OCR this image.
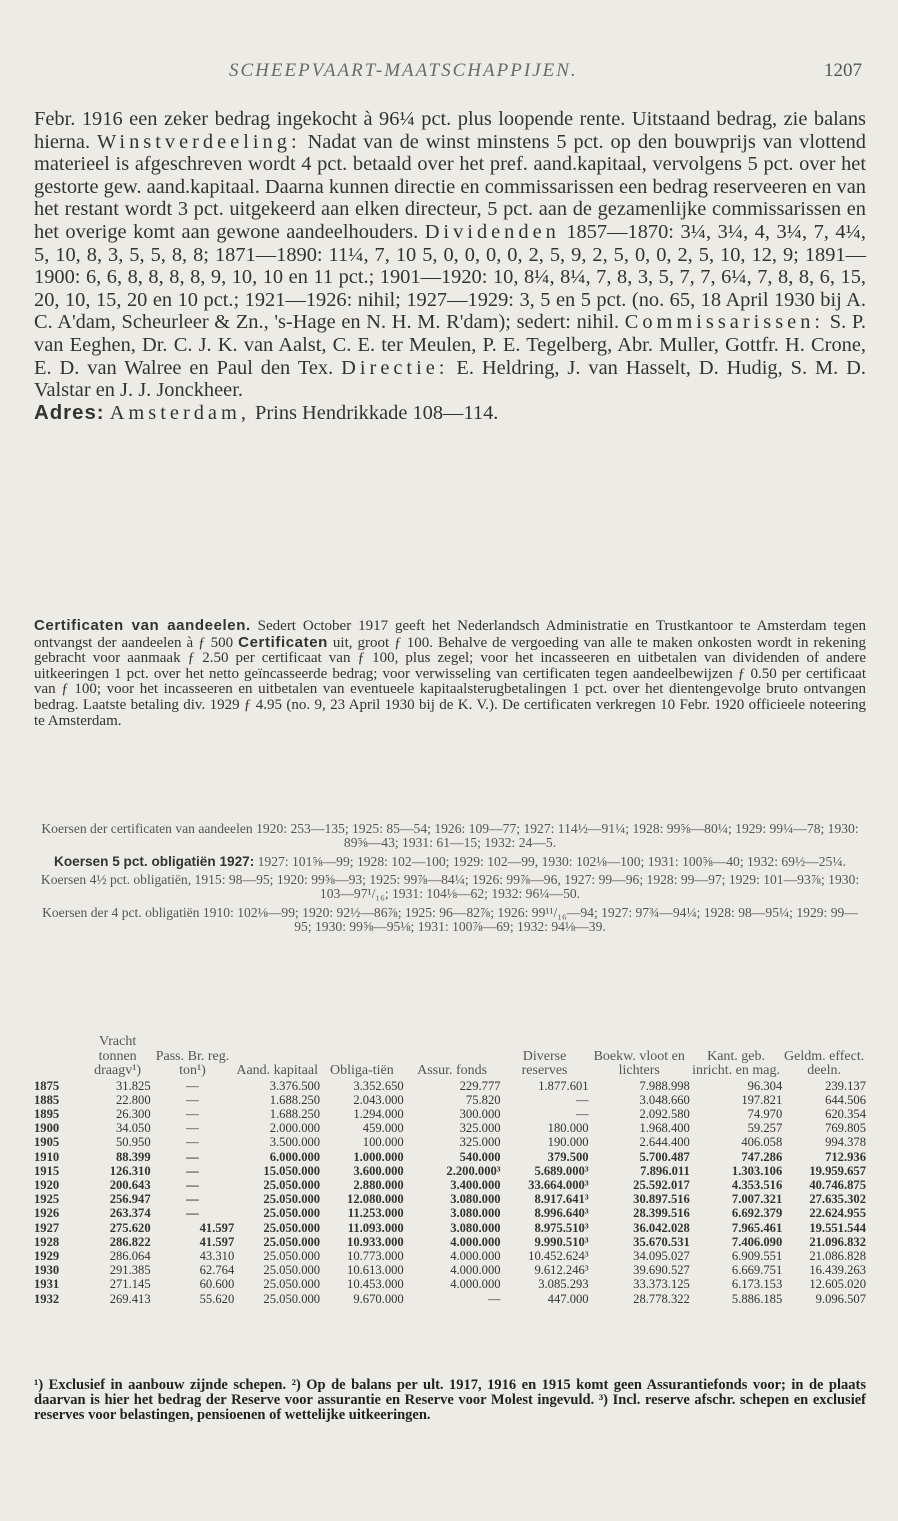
SCHEEPVAART-MAATSCHAPPIJEN.	1207
Febr. 1916 een zeker bedrag ingekocht à 96¼ pct. plus loopende rente. Uitstaand bedrag, zie balans hierna. Winstverdeeling: Nadat van de winst minstens 5 pct. op den bouwprijs van vlottend materieel is afgeschreven wordt 4 pct. betaald over het pref. aand.kapitaal, vervolgens 5 pct. over het gestorte gew. aand.kapitaal. Daarna kunnen directie en commissarissen een bedrag reserveeren en van het restant wordt 3 pct. uitgekeerd aan elken directeur, 5 pct. aan de gezamenlijke commissarissen en het overige komt aan gewone aandeelhouders. Dividenden 1857—1870: 3¼, 3¼, 4, 3¼, 7, 4¼, 5, 10, 8, 3, 5, 5, 8, 8; 1871—1890: 11¼, 7, 10 5, 0, 0, 0, 0, 2, 5, 9, 2, 5, 0, 0, 2, 5, 10, 12, 9; 1891—1900: 6, 6, 8, 8, 8, 8, 9, 10, 10 en 11 pct.; 1901—1920: 10, 8¼, 8¼, 7, 8, 3, 5, 7, 7, 6¼, 7, 8, 8, 6, 15, 20, 10, 15, 20 en 10 pct.; 1921—1926: nihil; 1927—1929: 3, 5 en 5 pct. (no. 65, 18 April 1930 bij A. C. A'dam, Scheurleer & Zn., 's-Hage en N. H. M. R'dam); sedert: nihil. Commissarissen: S. P. van Eeghen, Dr. C. J. K. van Aalst, C. E. ter Meulen, P. E. Tegelberg, Abr. Muller, Gottfr. H. Crone, E. D. van Walree en Paul den Tex. Directie: E. Heldring, J. van Hasselt, D. Hudig, S. M. D. Valstar en J. J. Jonckheer.
Adres: Amsterdam, Prins Hendrikkade 108—114.
Certificaten van aandeelen. Sedert October 1917 geeft het Nederlandsch Administratie en Trustkantoor te Amsterdam tegen ontvangst der aandeelen à ƒ 500 Certificaten uit, groot ƒ 100. Behalve de vergoeding van alle te maken onkosten wordt in rekening gebracht voor aanmaak ƒ 2.50 per certificaat van ƒ 100, plus zegel; voor het incasseeren en uitbetalen van dividenden of andere uitkeeringen 1 pct. over het netto geïncasseerde bedrag; voor verwisseling van certificaten tegen aandeelbewijzen ƒ 0.50 per certificaat van ƒ 100; voor het incasseeren en uitbetalen van eventueele kapitaalsterugbetalingen 1 pct. over het dientengevolge bruto ontvangen bedrag. Laatste betaling div. 1929 ƒ 4.95 (no. 9, 23 April 1930 bij de K. V.). De certificaten verkregen 10 Febr. 1920 officieele noteering te Amsterdam.
Koersen der certificaten van aandeelen 1920: 253—135; 1925: 85—54; 1926: 109—77; 1927: 114½—91¼; 1928: 99⅝—80¼; 1929: 99¼—78; 1930: 89⅝—43; 1931: 61—15; 1932: 24—5.
Koersen 5 pct. obligatiën 1927: 1927: 101⅝—99; 1928: 102—100; 1929: 102—99, 1930: 102⅛—100; 1931: 100⅝—40; 1932: 69½—25¼.
Koersen 4½ pct. obligatiën, 1915: 98—95; 1920: 99⅝—93; 1925: 99⅞—84¼; 1926: 99⅞—96, 1927: 99—96; 1928: 99—97; 1929: 101—93⅞; 1930: 103—97¹/₁₆; 1931: 104⅛—62; 1932: 96¼—50.
Koersen der 4 pct. obligatiën 1910: 102⅛—99; 1920: 92½—86⅞; 1925: 96—82⅞; 1926: 99¹¹/₁₆—94; 1927: 97¾—94¼; 1928: 98—95¼; 1929: 99—95; 1930: 99⅝—95⅛; 1931: 100⅞—69; 1932: 94⅛—39.
	Vracht tonnen draagv¹)	Pass. Br. reg. ton¹)	Aand. kapitaal	Obliga-tiën	Assur. fonds	Diverse reserves	Boekw. vloot en lichters	Kant. geb. inricht. en mag.	Geldm. effect. deeln.
1875	31.825	—	3.376.500	3.352.650	229.777	1.877.601	7.988.998	96.304	239.137
1885	22.800	—	1.688.250	2.043.000	75.820	—	3.048.660	197.821	644.506
1895	26.300	—	1.688.250	1.294.000	300.000	—	2.092.580	74.970	620.354
1900	34.050	—	2.000.000	459.000	325.000	180.000	1.968.400	59.257	769.805
1905	50.950	—	3.500.000	100.000	325.000	190.000	2.644.400	406.058	994.378
1910	88.399	—	6.000.000	1.000.000	540.000	379.500	5.700.487	747.286	712.936
1915	126.310	—	15.050.000	3.600.000	2.200.000³	5.689.000³	7.896.011	1.303.106	19.959.657
1920	200.643	—	25.050.000	2.880.000	3.400.000	33.664.000³	25.592.017	4.353.516	40.746.875
1925	256.947	—	25.050.000	12.080.000	3.080.000	8.917.641³	30.897.516	7.007.321	27.635.302
1926	263.374	—	25.050.000	11.253.000	3.080.000	8.996.640³	28.399.516	6.692.379	22.624.955
1927	275.620	41.597	25.050.000	11.093.000	3.080.000	8.975.510³	36.042.028	7.965.461	19.551.544
1928	286.822	41.597	25.050.000	10.933.000	4.000.000	9.990.510³	35.670.531	7.406.090	21.096.832
1929	286.064	43.310	25.050.000	10.773.000	4.000.000	10.452.624³	34.095.027	6.909.551	21.086.828
1930	291.385	62.764	25.050.000	10.613.000	4.000.000	9.612.246³	39.690.527	6.669.751	16.439.263
1931	271.145	60.600	25.050.000	10.453.000	4.000.000	3.085.293	33.373.125	6.173.153	12.605.020
1932	269.413	55.620	25.050.000	9.670.000	—	447.000	28.778.322	5.886.185	9.096.507
¹) Exclusief in aanbouw zijnde schepen. ²) Op de balans per ult. 1917, 1916 en 1915 komt geen Assurantiefonds voor; in de plaats daarvan is hier het bedrag der Reserve voor assurantie en Reserve voor Molest ingevuld. ³) Incl. reserve afschr. schepen en exclusief reserves voor belastingen, pensioenen of wettelijke uitkeeringen.
